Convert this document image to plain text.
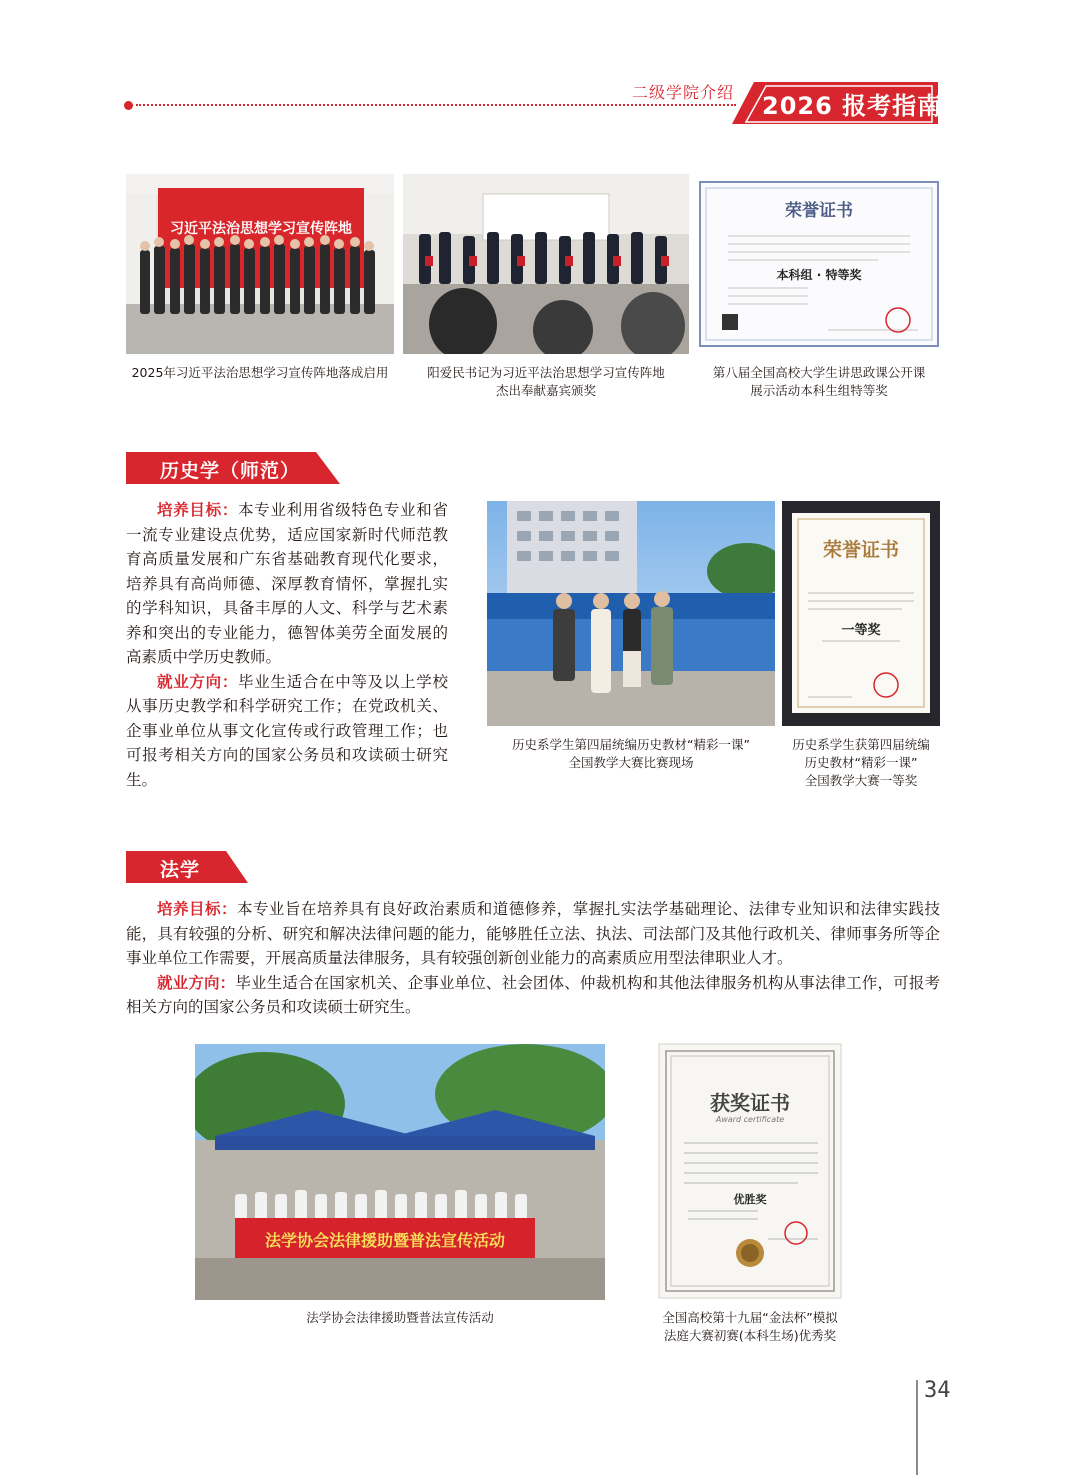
二级学院介绍 2026 报考指南
习近平法治思想学习宣传阵地
2025年习近平法治思想学习宣传阵地落成启用	阳爱民书记为习近平法治思想学习宣传阵地
杰出奉献嘉宾颁奖
荣誉证书
本科组 · 特等奖
第八届全国高校大学生讲思政课公开课
展示活动本科生组特等奖
历史学（师范）
培养目标：本专业利用省级特色专业和省一流专业建设点优势，适应国家新时代师范教育高质量发展和广东省基础教育现代化要求，培养具有高尚师德、深厚教育情怀，掌握扎实的学科知识，具备丰厚的人文、科学与艺术素养和突出的专业能力，德智体美劳全面发展的高素质中学历史教师。
就业方向：毕业生适合在中等及以上学校从事历史教学和科学研究工作；在党政机关、企事业单位从事文化宣传或行政管理工作；也可报考相关方向的国家公务员和攻读硕士研究生。
历史系学生第四届统编历史教材“精彩一课”
全国教学大赛比赛现场
荣誉证书
一等奖
历史系学生获第四届统编
历史教材“精彩一课”
全国教学大赛一等奖
法学
培养目标：本专业旨在培养具有良好政治素质和道德修养，掌握扎实法学基础理论、法律专业知识和法律实践技能，具有较强的分析、研究和解决法律问题的能力，能够胜任立法、执法、司法部门及其他行政机关、律师事务所等企事业单位工作需要，开展高质量法律服务，具有较强创新创业能力的高素质应用型法律职业人才。
就业方向：毕业生适合在国家机关、企事业单位、社会团体、仲裁机构和其他法律服务机构从事法律工作，可报考相关方向的国家公务员和攻读硕士研究生。
法学协会法律援助暨普法宣传活动
法学协会法律援助暨普法宣传活动
获奖证书
Award certificate
优胜奖
全国高校第十九届“金法杯”模拟
法庭大赛初赛(本科生场)优秀奖
34
